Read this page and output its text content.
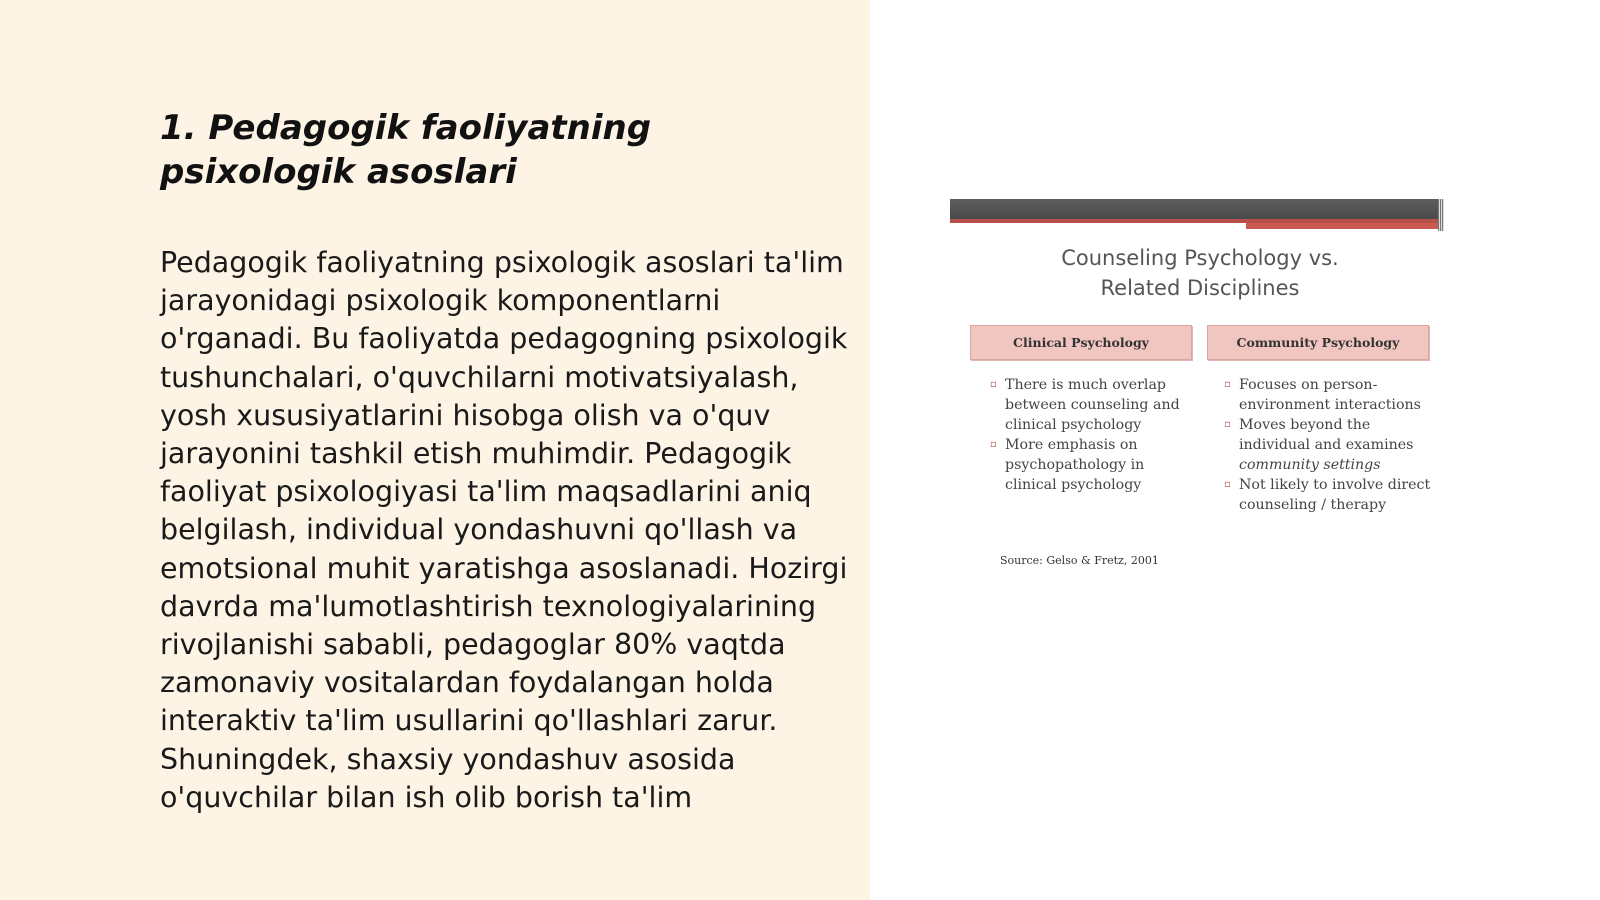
1. Pedagogik faoliyatning psixologik asoslari

Pedagogik faoliyatning psixologik asoslari ta'lim jarayonidagi psixologik komponentlarni o'rganadi. Bu faoliyatda pedagogning psixologik tushunchalari, o'quvchilarni motivatsiyalash, yosh xususiyatlarini hisobga olish va o'quv jarayonini tashkil etish muhimdir. Pedagogik faoliyat psixologiyasi ta'lim maqsadlarini aniq belgilash, individual yondashuvni qo'llash va emotsional muhit yaratishga asoslanadi. Hozirgi davrda ma'lumotlashtirish texnologiyalarining rivojlanishi sababli, pedagoglar 80% vaqtda zamonaviy vositalardan foydalangan holda interaktiv ta'lim usullarini qo'llashlari zarur. Shuningdek, shaxsiy yondashuv asosida o'quvchilar bilan ish olib borish ta'lim

Counseling Psychology vs.
Related Disciplines
Clinical Psychology	Community Psychology
▫ There is much overlap between counseling and clinical psychology
▫ More emphasis on psychopathology in clinical psychology
▫ Focuses on person-environment interactions
▫ Moves beyond the individual and examines community settings
▫ Not likely to involve direct counseling / therapy
Source: Gelso & Fretz, 2001
